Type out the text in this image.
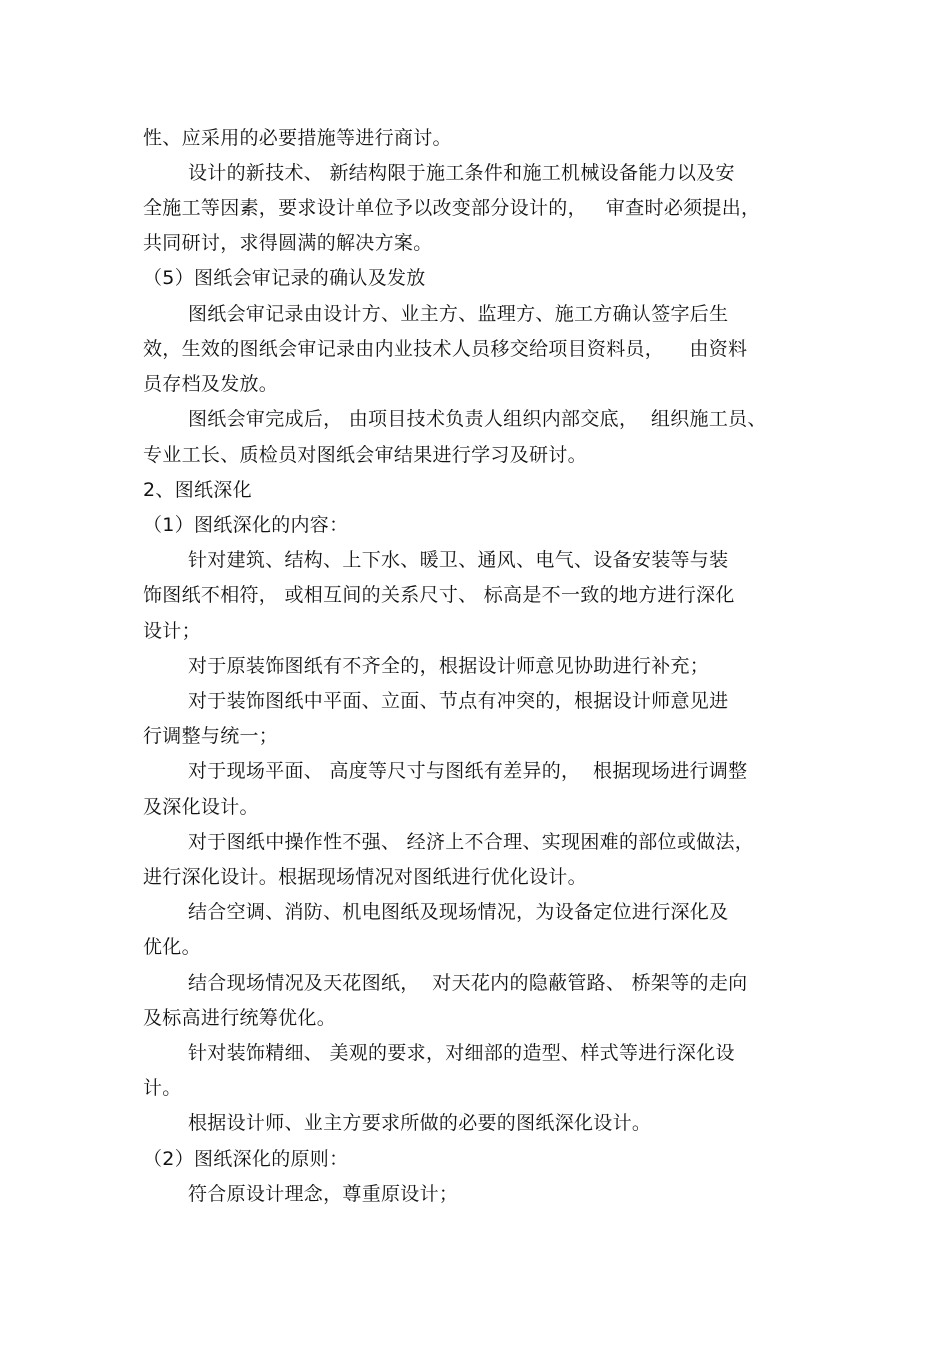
性、应采用的必要措施等进行商讨。
设计的新技术、 新结构限于施工条件和施工机械设备能力以及安
全施工等因素，要求设计单位予以改变部分设计的，   审查时必须提出，
共同研讨，求得圆满的解决方案。
（5）图纸会审记录的确认及发放
图纸会审记录由设计方、业主方、监理方、施工方确认签字后生
效，生效的图纸会审记录由内业技术人员移交给项目资料员，    由资料
员存档及发放。
图纸会审完成后， 由项目技术负责人组织内部交底，  组织施工员、
专业工长、质检员对图纸会审结果进行学习及研讨。
2、图纸深化
（1）图纸深化的内容：
针对建筑、结构、上下水、暖卫、通风、电气、设备安装等与装
饰图纸不相符， 或相互间的关系尺寸、 标高是不一致的地方进行深化
设计；
对于原装饰图纸有不齐全的，根据设计师意见协助进行补充；
对于装饰图纸中平面、立面、节点有冲突的，根据设计师意见进
行调整与统一；
对于现场平面、 高度等尺寸与图纸有差异的，  根据现场进行调整
及深化设计。
对于图纸中操作性不强、 经济上不合理、实现困难的部位或做法，
进行深化设计。根据现场情况对图纸进行优化设计。
结合空调、消防、机电图纸及现场情况，为设备定位进行深化及
优化。
结合现场情况及天花图纸，  对天花内的隐蔽管路、 桥架等的走向
及标高进行统筹优化。
针对装饰精细、 美观的要求，对细部的造型、样式等进行深化设
计。
根据设计师、业主方要求所做的必要的图纸深化设计。
（2）图纸深化的原则：
符合原设计理念，尊重原设计；
